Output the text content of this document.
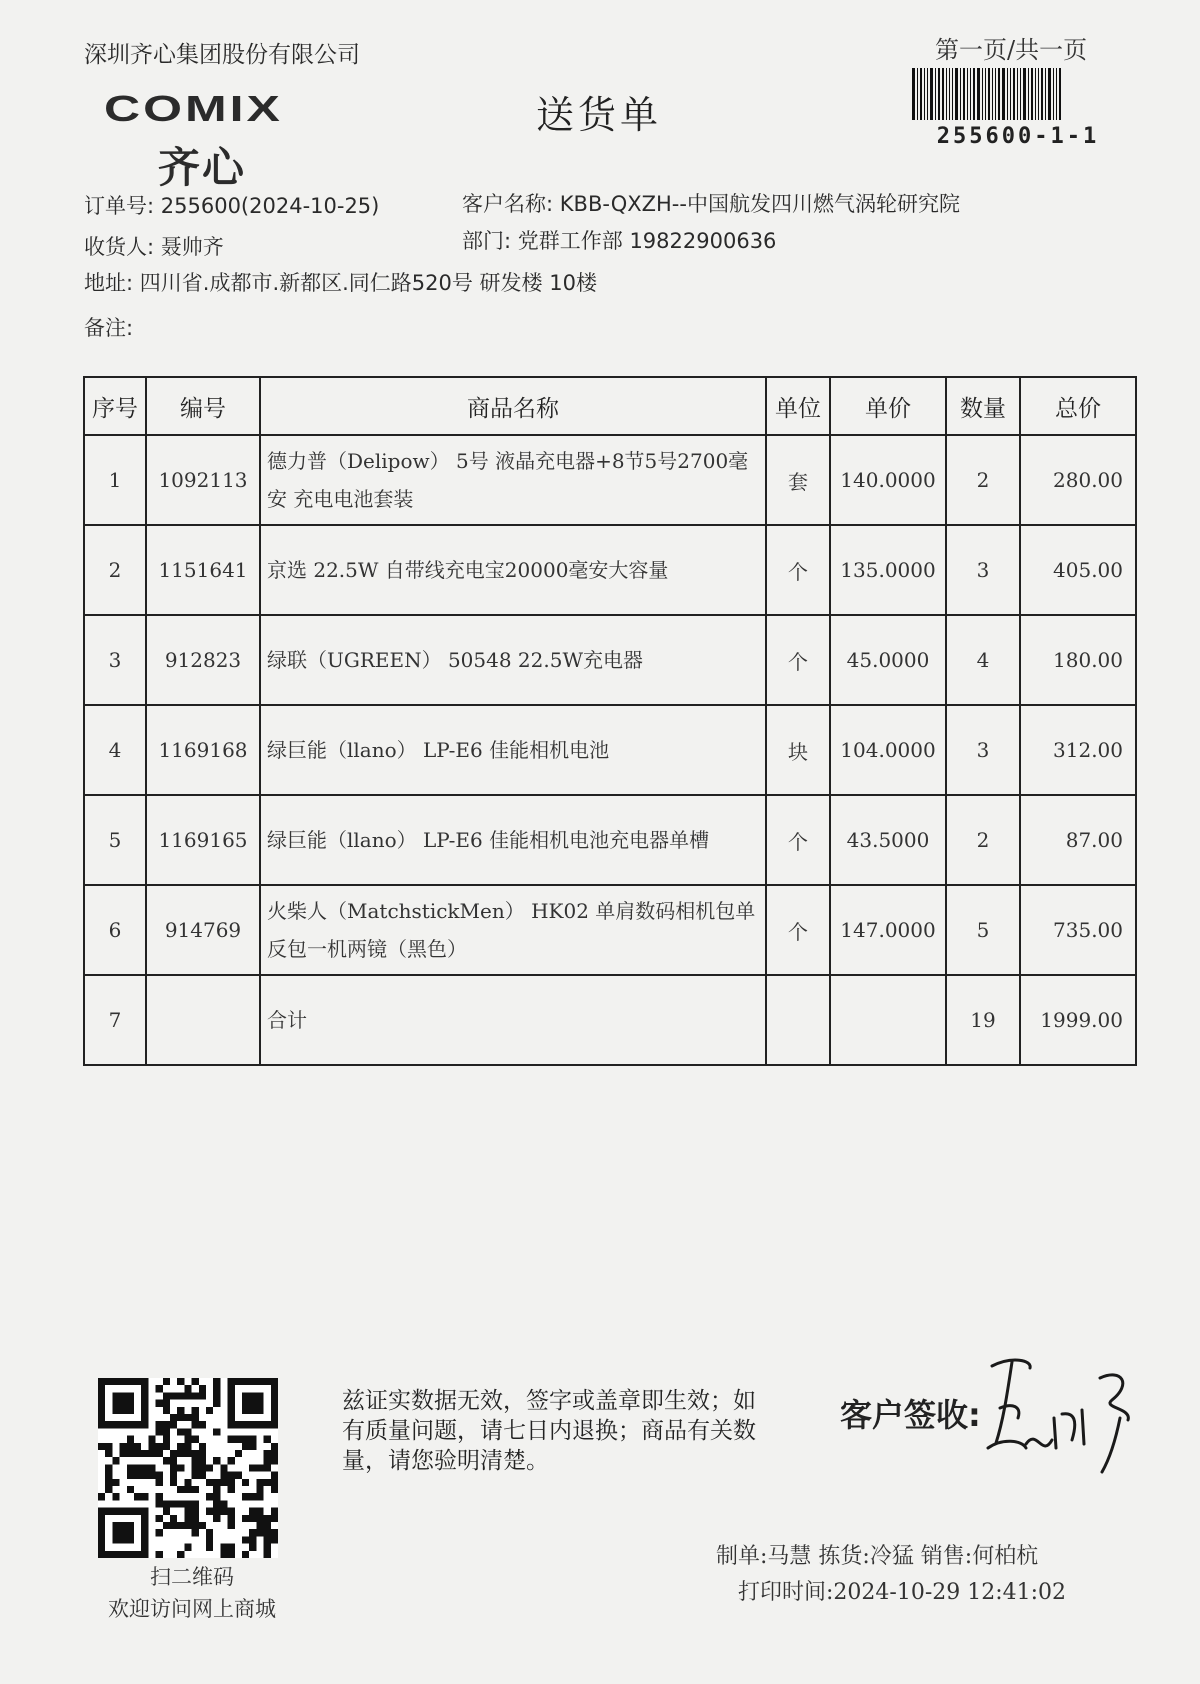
深圳齐心集团股份有限公司	第一页/共一页
255600-1-1
COMIX
齐心
送货单
订单号: 255600(2024-10-25)	客户名称: KBB-QXZH--中国航发四川燃气涡轮研究院
收货人: 聂帅齐	部门: 党群工作部 19822900636
地址: 四川省.成都市.新都区.同仁路520号 研发楼 10楼
备注:
序号	编号	商品名称	单位	单价	数量	总价
1	1092113	德力普（Delipow） 5号 液晶充电器+8节5号2700毫安 充电电池套装	套	140.0000	2	280.00
2	1151641	京选 22.5W 自带线充电宝20000毫安大容量	个	135.0000	3	405.00
3	912823	绿联（UGREEN） 50548 22.5W充电器	个	45.0000	4	180.00
4	1169168	绿巨能（llano） LP-E6 佳能相机电池	块	104.0000	3	312.00
5	1169165	绿巨能（llano） LP-E6 佳能相机电池充电器单槽	个	43.5000	2	87.00
6	914769	火柴人（MatchstickMen） HK02 单肩数码相机包单反包一机两镜（黑色）	个	147.0000	5	735.00
7		合计			19	1999.00
扫二维码
欢迎访问网上商城
兹证实数据无效，签字或盖章即生效；如有质量问题，请七日内退换；商品有关数量，请您验明清楚。
客户签收:
制单:马慧 拣货:冷猛 销售:何柏杭
打印时间:2024-10-29 12:41:02
